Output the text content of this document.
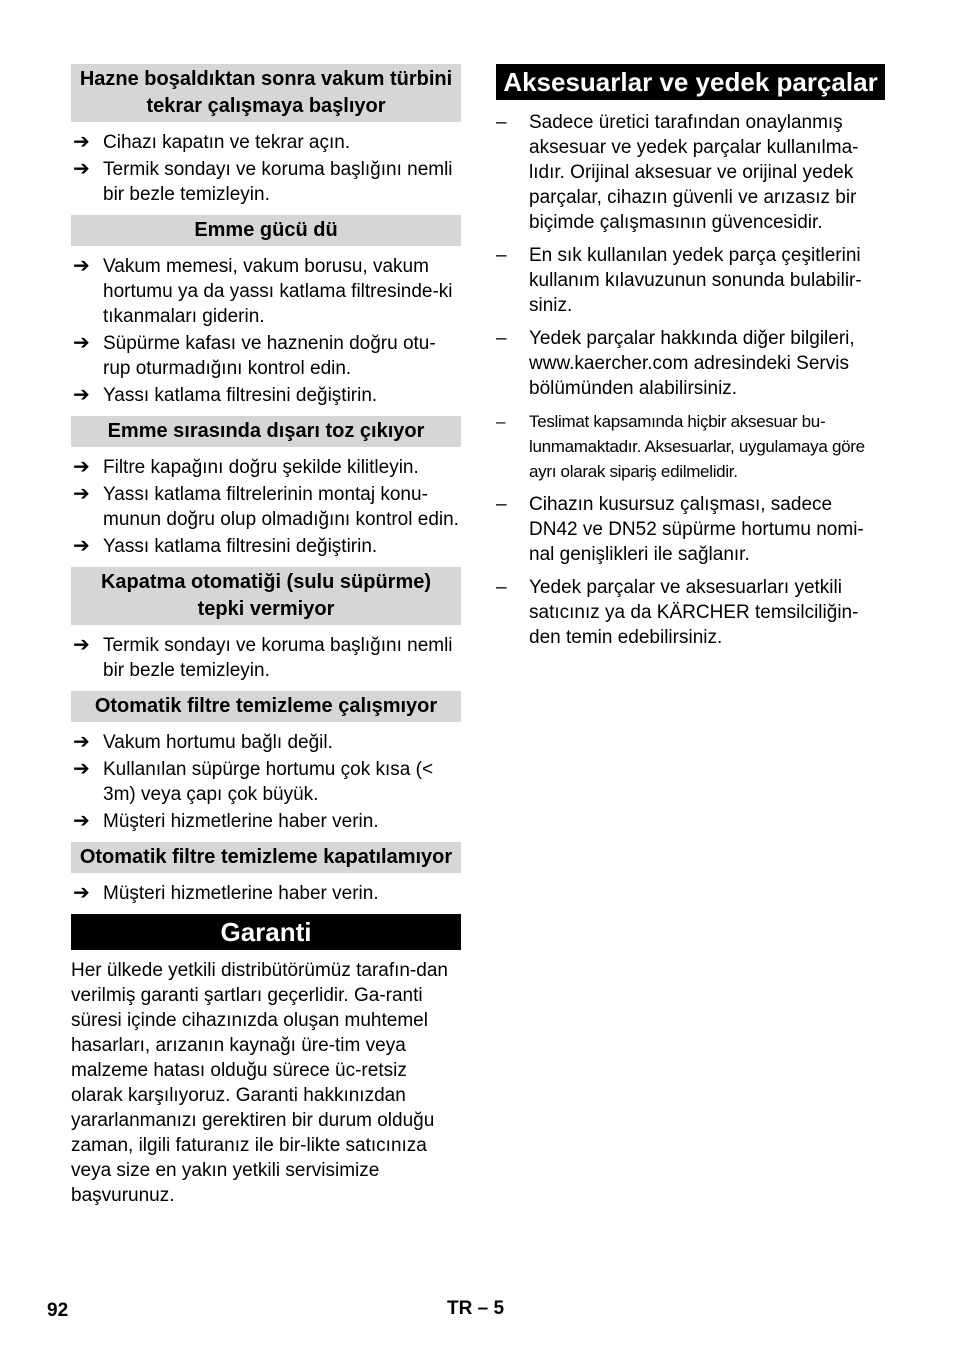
Hazne boşaldıktan sonra vakum türbini tekrar çalışmaya başlıyor
➔ Cihazı kapatın ve tekrar açın.
➔ Termik sondayı ve koruma başlığını nemli bir bezle temizleyin.
Emme gücü dü
➔ Vakum memesi, vakum borusu, vakum hortumu ya da yassı katlama filtresinde-ki tıkanmaları giderin.
➔ Süpürme kafası ve haznenin doğru otu-rup oturmadığını kontrol edin.
➔ Yassı katlama filtresini değiştirin.
Emme sırasında dışarı toz çıkıyor
➔ Filtre kapağını doğru şekilde kilitleyin.
➔ Yassı katlama filtrelerinin montaj konu-munun doğru olup olmadığını kontrol edin.
➔ Yassı katlama filtresini değiştirin.
Kapatma otomatiği (sulu süpürme) tepki vermiyor
➔ Termik sondayı ve koruma başlığını nemli bir bezle temizleyin.
Otomatik filtre temizleme çalışmıyor
➔ Vakum hortumu bağlı değil.
➔ Kullanılan süpürge hortumu çok kısa (< 3m) veya çapı çok büyük.
➔ Müşteri hizmetlerine haber verin.
Otomatik filtre temizleme kapatılamıyor
➔ Müşteri hizmetlerine haber verin.
Garanti

Her ülkede yetkili distribütörümüz tarafın-dan verilmiş garanti şartları geçerlidir. Ga-ranti süresi içinde cihazınızda oluşan muhtemel hasarları, arızanın kaynağı üre-tim veya malzeme hatası olduğu sürece üc-retsiz olarak karşılıyoruz. Garanti hakkınızdan yararlanmanızı gerektiren bir durum olduğu zaman, ilgili faturanız ile bir-likte satıcınıza veya size en yakın yetkili servisimize başvurunuz.

Aksesuarlar ve yedek parçalar
– Sadece üretici tarafından onaylanmış aksesuar ve yedek parçalar kullanılma-lıdır. Orijinal aksesuar ve orijinal yedek parçalar, cihazın güvenli ve arızasız bir biçimde çalışmasının güvencesidir.
– En sık kullanılan yedek parça çeşitlerini kullanım kılavuzunun sonunda bulabilir-siniz.
– Yedek parçalar hakkında diğer bilgileri, www.kaercher.com adresindeki Servis bölümünden alabilirsiniz.
– Teslimat kapsamında hiçbir aksesuar bu-lunmamaktadır. Aksesuarlar, uygulamaya göre ayrı olarak sipariş edilmelidir.
– Cihazın kusursuz çalışması, sadece DN42 ve DN52 süpürme hortumu nomi-nal genişlikleri ile sağlanır.
– Yedek parçalar ve aksesuarları yetkili satıcınız ya da KÄRCHER temsilciliğin-den temin edebilirsiniz.
92	TR – 5
